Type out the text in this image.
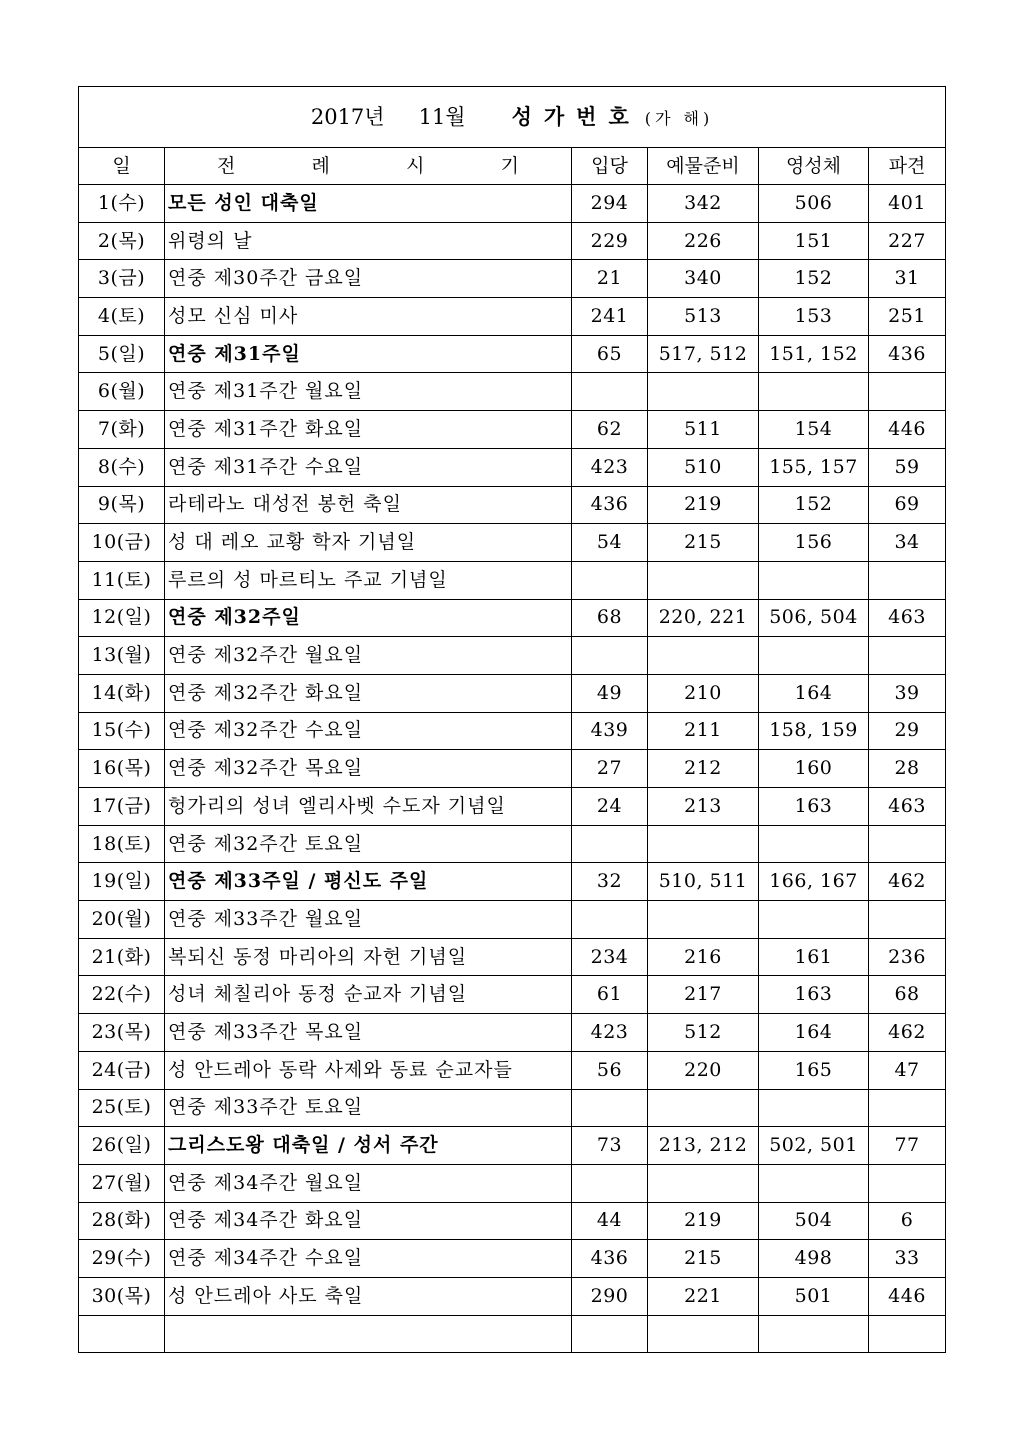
2017년 11월 성가번호 (가 해)					
일	전 례 시 기	입당	예물준비	영성체	파견
1(수)	모든 성인 대축일	294	342	506	401
2(목)	위령의 날	229	226	151	227
3(금)	연중 제30주간 금요일	21	340	152	31
4(토)	성모 신심 미사	241	513	153	251
5(일)	연중 제31주일	65	517, 512	151, 152	436
6(월)	연중 제31주간 월요일				
7(화)	연중 제31주간 화요일	62	511	154	446
8(수)	연중 제31주간 수요일	423	510	155, 157	59
9(목)	라테라노 대성전 봉헌 축일	436	219	152	69
10(금)	성 대 레오 교황 학자 기념일	54	215	156	34
11(토)	루르의 성 마르티노 주교 기념일				
12(일)	연중 제32주일	68	220, 221	506, 504	463
13(월)	연중 제32주간 월요일				
14(화)	연중 제32주간 화요일	49	210	164	39
15(수)	연중 제32주간 수요일	439	211	158, 159	29
16(목)	연중 제32주간 목요일	27	212	160	28
17(금)	헝가리의 성녀 엘리사벳 수도자 기념일	24	213	163	463
18(토)	연중 제32주간 토요일				
19(일)	연중 제33주일 / 평신도 주일	32	510, 511	166, 167	462
20(월)	연중 제33주간 월요일				
21(화)	복되신 동정 마리아의 자헌 기념일	234	216	161	236
22(수)	성녀 체칠리아 동정 순교자 기념일	61	217	163	68
23(목)	연중 제33주간 목요일	423	512	164	462
24(금)	성 안드레아 동락 사제와 동료 순교자들	56	220	165	47
25(토)	연중 제33주간 토요일				
26(일)	그리스도왕 대축일 / 성서 주간	73	213, 212	502, 501	77
27(월)	연중 제34주간 월요일				
28(화)	연중 제34주간 화요일	44	219	504	6
29(수)	연중 제34주간 수요일	436	215	498	33
30(목)	성 안드레아 사도 축일	290	221	501	446
